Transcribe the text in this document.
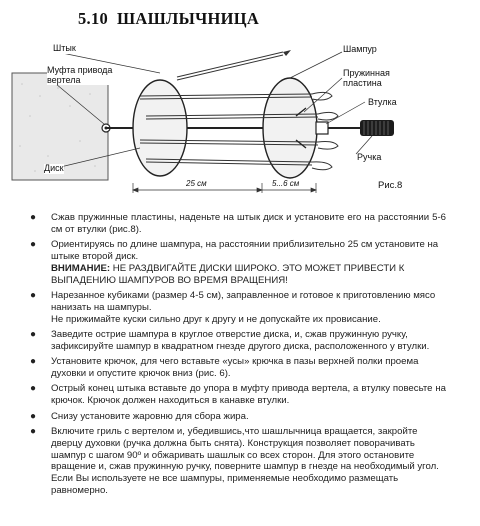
5.10 ШАШЛЫЧНИЦА
Штык
Муфта привода
вертела
Диск
Шампур
Пружинная
пластина
Втулка
Ручка
25 см	5...6 см	Рис.8
● Сжав пружинные пластины, наденьте на штык диск и установите его на расстоянии 5-6 см от втулки (рис.8).

● Ориентируясь по длине шампура, на расстоянии приблизительно 25 см установите на штыке второй диск.

ВНИМАНИЕ: НЕ РАЗДВИГАЙТЕ ДИСКИ ШИРОКО. ЭТО МОЖЕТ ПРИВЕСТИ К ВЫПАДЕНИЮ ШАМПУРОВ ВО ВРЕМЯ ВРАЩЕНИЯ!

● Нарезанное кубиками (размер 4-5 см), заправленное и готовое к приготовлению мясо нанизать на шампуры.

Не прижимайте куски сильно друг к другу и не допускайте их провисание.

● Заведите острие шампура в круглое отверстие диска, и, сжав пружинную ручку, зафиксируйте шампур в квадратном гнезде другого диска, расположенного у втулки.

● Установите крючок, для чего вставьте «усы» крючка в пазы верхней полки проема духовки и опустите крючок вниз (рис. 6).

● Острый конец штыка вставьте до упора в муфту привода вертела, а втулку повесьте на крючок. Крючок должен находиться в канавке втулки.

● Снизу установите жаровню для сбора жира.

● Включите гриль с вертелом и, убедившись,что шашлычница вращается, закройте дверцу духовки (ручка должна быть снята). Конструкция позволяет поворачивать шампур с шагом 90º и обжаривать шашлык со всех сторон. Для этого остановите вращение и, сжав пружинную ручку, поверните шампур в гнезде на необходимый угол. Если Вы используете не все шампуры, применяемые необходимо размещать равномерно.
